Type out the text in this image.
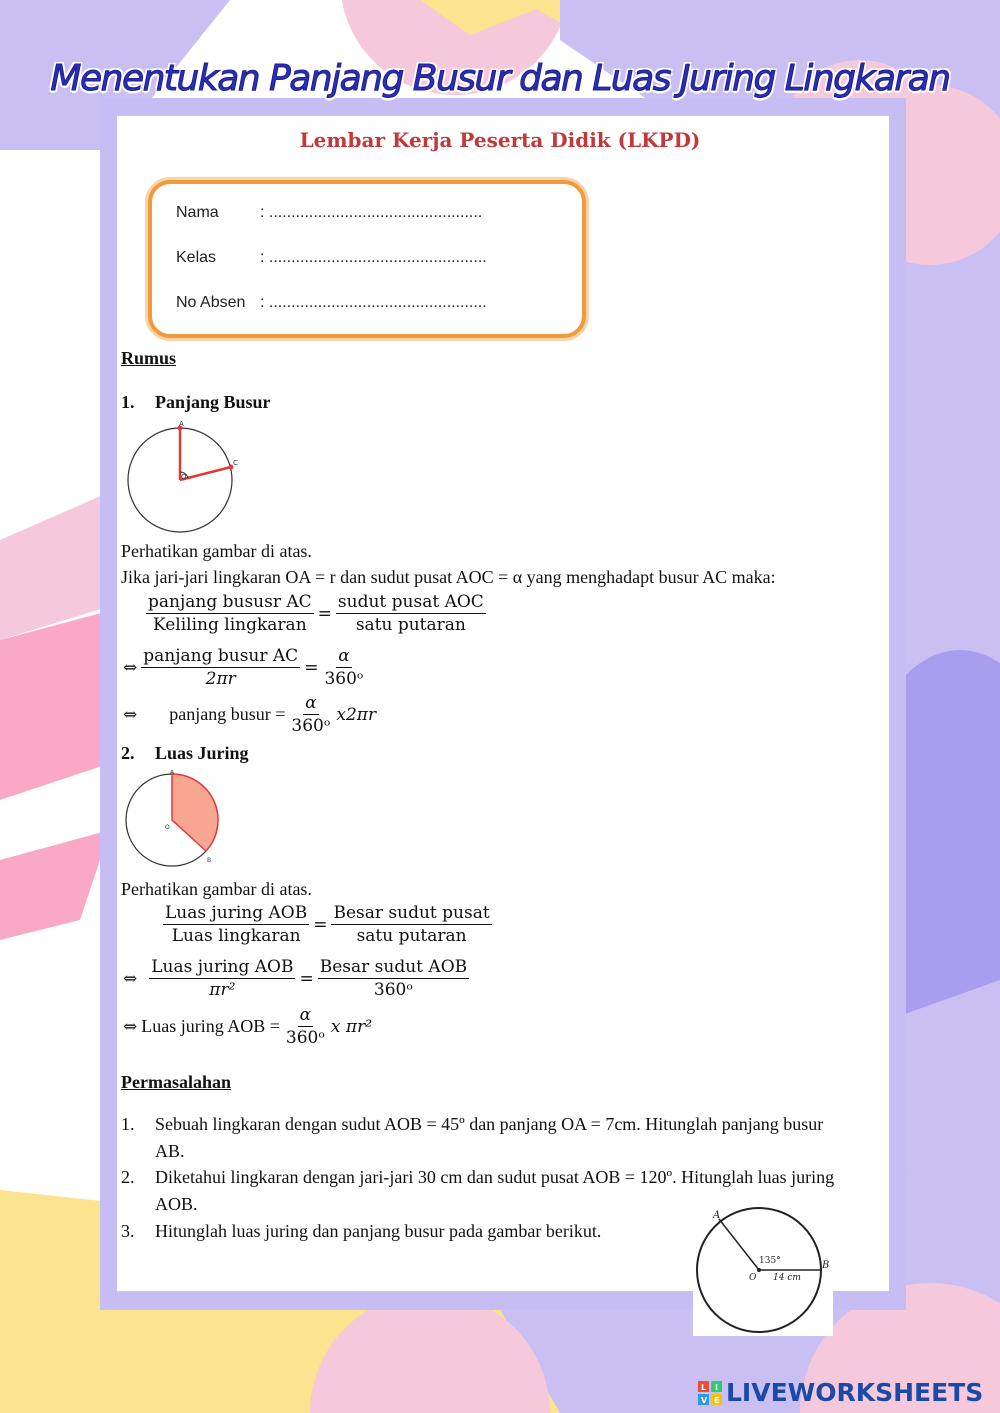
Menentukan Panjang Busur dan Luas Juring Lingkaran
Lembar Kerja Peserta Didik (LKPD)
Nama	: ................................................
Kelas	: .................................................
No Absen : .................................................
Rumus
1. Panjang Busur
A
O
C
Perhatikan gambar di atas.
Jika jari-jari lingkaran OA = r dan sudut pusat AOC = α yang menghadapt busur AC maka:
$\frac{\text{panjang bususr AC}}{\text{Keliling lingkaran}} = \frac{\text{sudut pusat AOC}}{\text{satu putaran}}$
⇔ $\frac{\text{panjang busur AC}}{2\pi r} = \frac{\alpha}{\text{360ᵒ}}$
⇔ panjang busur = $\frac{\alpha}{\text{360ᵒ}} x2\pi r$
2. Luas Juring
A
O
B
Perhatikan gambar di atas.
$\frac{\text{Luas juring AOB}}{\text{Luas lingkaran}} = \frac{\text{Besar sudut pusat}}{\text{satu putaran}}$
⇔ $\frac{\text{Luas juring AOB}}{\text{πr²}} = \frac{\text{Besar sudut AOB}}{\text{360ᵒ}}$
⇔ Luas juring AOB = $\frac{\alpha}{\text{360ᵒ}}$ x πr²
Permasalahan
1. Sebuah lingkaran dengan sudut AOB = 45º dan panjang OA = 7cm. Hitunglah panjang busur
AB.
2. Diketahui lingkaran dengan jari-jari 30 cm dan sudut pusat AOB = 120º. Hitunglah luas juring
AOB.
3. Hitunglah luas juring dan panjang busur pada gambar berikut.
A
B
O
135°
14 cm
L I
V E LIVEWORKSHEETS
